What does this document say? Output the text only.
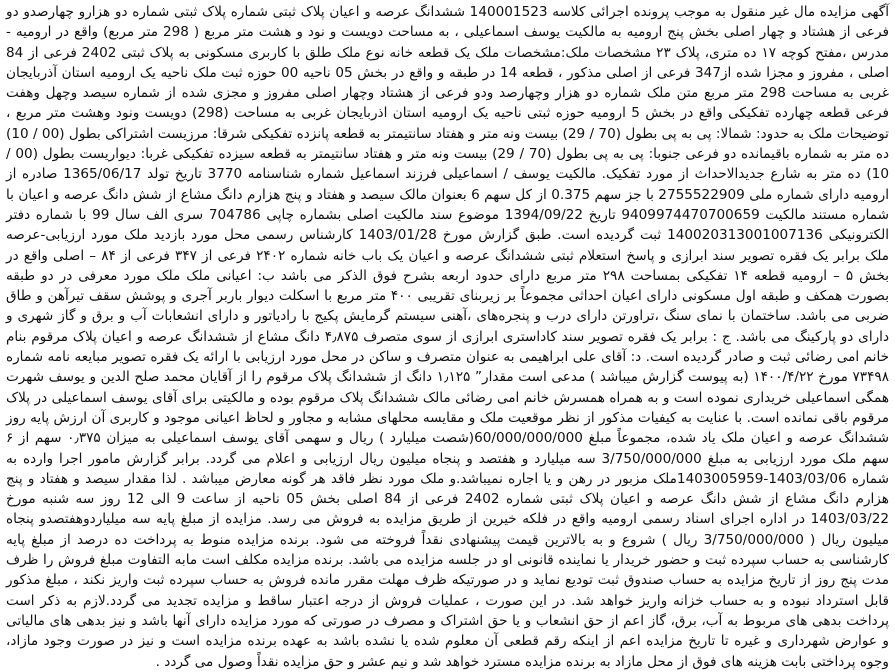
آگهی مزایده مال غیر منقول به موجب پرونده اجرائی کلاسه 140001523 ششدانگ عرصه و اعیان پلاک ثبتی شماره پلاک ثبتی شماره دو هزارو چهارصدو دو فرعی از هشتاد و چهار اصلی بخش پنج ارومیه به مالکیت یوسف اسماعیلی ، به مساحت دویست و نود و هشت متر مربع ( 298 متر مربع) واقع در ارومیه - مدرس ،مفتح کوچه ۱۷ ده متری، پلاک ۲۳ مشخصات ملک:مشخصات ملک یک قطعه خانه نوع ملک طلق با کاربری مسکونی به پلاک ثبتی 2402 فرعی از 84 اصلی ، مفروز و مجزا شده از347 فرعی از اصلی مذکور ، قطعه 14 در طبقه و واقع در بخش 05 ناحیه 00 حوزه ثبت ملک ناحیه یک ارومیه استان آذربایجان غربی به مساحت 298 متر مربع متن ملک شماره دو هزار وچهارصد ودو فرعی از هشتاد وچهار اصلی مفروز و مجزی شده از شماره سیصد وچهل وهفت فرعی قطعه چهارده تفکیکی واقع در بخش 5 ارومیه حوزه ثبتی ناحیه یک ارومیه استان اذربایجان غربی به مساحت (298) دویست ونود وهشت متر مربع ، توضیحات ملک به حدود: شمالا: پی به پی بطول (70 / 29) بیست ونه متر و هفتاد سانتیمتر به قطعه پانزده تفکیکی شرقا: مرزیست اشتراکی بطول (00 / 10) ده متر به شماره باقیمانده دو فرعی جنوبا: پی به پی بطول (70 / 29) بیست ونه متر و هفتاد سانتیمتر به قطعه سیزده تفکیکی غربا: دیواریست بطول (00 / 10) ده متر به شارع جدیدالاحداث از مورد تفکیک. مالکیت یوسف / اسماعیلی فرزند اسماعیل شماره شناسنامه 3770 تاریخ تولد 1365/06/17 صادره از ارومیه دارای شماره ملی 2755522909 با جز سهم 0.375 از کل سهم 6 بعنوان مالک سیصد و هفتاد و پنج هزارم دانگ مشاع از شش دانگ عرصه و اعیان با شماره مستند مالکیت 9409974470700659 تاریخ 1394/09/22 موضوع سند مالکیت اصلی بشماره چاپی 704786 سری الف سال 99 با شماره دفتر الکترونیکی 140020313001007136 ثبت گردیده است. طبق گزارش مورخ 1403/01/28 کارشناس رسمی محل مورد بازدید ملک مورد ارزیابی-عرصه ملک برابر یک فقره تصویر سند ابرازی و پاسخ استعلام ثبتی ششدانگ عرصه و اعیان یک باب خانه شماره ۲۴۰۲ فرعی از ۳۴۷ فرعی از ۸۴ – اصلی واقع در بخش ۵ – ارومیه قطعه ۱۴ تفکیکی بمساحت ۲۹۸ متر مربع دارای حدود اربعه بشرح فوق الذکر می باشد ب: اعیانی ملک ملک مورد معرفی در دو طبقه بصورت همکف و طبقه اول مسکونی دارای اعیان احداثی مجموعاً بر زیربنای تقریبی ۴۰۰ متر مربع با اسکلت دیوار باربر آجری و پوشش سقف تیرآهن و طاق ضربی می باشد. ساختمان با نمای سنگ ،تراورتن دارای درب و پنجره‌های ،آهنی سیستم گرمایش پکیج با رادیاتور و دارای انشعابات آب و برق و گاز شهری و دارای دو پارکینگ می باشد. ج : برابر یک فقره تصویر سند کاداستری ابرازی از سوی متصرف ۴٫۸۷۵ دانگ مشاع از ششدانگ عرصه و اعیان پلاک مرقوم بنام خانم امی رضائی ثبت و صادر گردیده است. د: آقای علی ابراهیمی به عنوان متصرف و ساکن در محل مورد ارزیابی با ارائه یک فقره تصویر مبایعه نامه شماره ۷۳۴۹۸ مورخ ۱۴۰۰/۴/۲۲ (به پیوست گزارش میباشد ) مدعی است مقدار” ۱٫۱۲۵ دانگ از ششدانگ پلاک مرقوم را از آقایان محمد صلح الدین و یوسف شهرت همگی اسماعیلی خریداری نموده است و به همراه همسرش خانم امی رضائی مالک ششدانگ پلاک مرقوم بوده و مالکیتی برای آقای یوسف اسماعیلی در پلاک مرقوم باقی نمانده است. با عنایت به کیفیات مذکور از نظر موقعیت ملک و مقایسه محلهای مشابه و مجاور و لحاظ اعیانی موجود و کاربری آن ارزش پایه روز ششدانگ عرصه و اعیان ملک یاد شده، مجموعاً مبلغ 60/000/000/000(شصت میلیارد ) ریال و سهمی آقای یوسف اسماعیلی به میزان ۰٫۳۷۵ سهم از ۶ سهم ملک مورد ارزیابی به مبلغ 3/750/000/000 سه میلیارد و هفتصد و پنجاه میلیون ریال ارزیابی و اعلام می گردد. برابر گزارش مامور اجرا وارده به شماره 14030059‎59-1403/03/06ملک مزبور در رهن و یا اجاره نمیباشد.و ملک مورد نظر فاقد هر گونه معارض میباشد . لذا مقدار سیصد و هفتاد و پنج هزارم دانگ مشاع از شش دانگ عرصه و اعیان پلاک ثبتی شماره 2402 فرعی از 84 اصلی بخش 05 ناحیه از ساعت 9 الی 12 روز سه شنبه مورخ 1403/03/22 در اداره اجرای اسناد رسمی ارومیه واقع در فلکه خیرین از طریق مزایده به فروش می رسد. مزایده از مبلغ پایه سه میلیاردوهفتصدو پنجاه میلیون ریال ( 3/750/000/000 ریال ) شروع و به بالاترین قیمت پیشنهادی نقداً فروخته می شود. برنده مزایده منوط به پرداخت ده درصد از مبلغ پایه کارشناسی به حساب سپرده ثبت و حضور خریدار یا نماینده قانونی او در جلسه مزایده می باشد. برنده مزایده مکلف است مابه التفاوت مبلغ فروش را ظرف مدت پنج روز از تاریخ مزایده به حساب صندوق ثبت تودیع نماید و در صورتیکه ظرف مهلت مقرر مانده فروش به حساب سپرده ثبت واریز نکند ، مبلغ مذکور قابل استرداد نبوده و به حساب خزانه واریز خواهد شد. در این صورت ، عملیات فروش از درجه اعتبار ساقط و مزایده تجدید می گردد.لازم به ذکر است پرداخت بدهی های مربوط به آب، برق، گاز اعم از حق انشعاب و یا حق اشتراک و مصرف در صورتی که مورد مزایده دارای آنها باشد و نیز بدهی های مالیاتی و عوارض شهرداری و غیره تا تاریخ مزایده اعم از اینکه رقم قطعی آن معلوم شده یا نشده باشد به عهده برنده مزایده است و نیز در صورت وجود مازاد، وجوه پرداختی بابت هزینه های فوق از محل مازاد به برنده مزایده مسترد خواهد شد و نیم عشر و حق مزایده نقداً وصول می گردد .
